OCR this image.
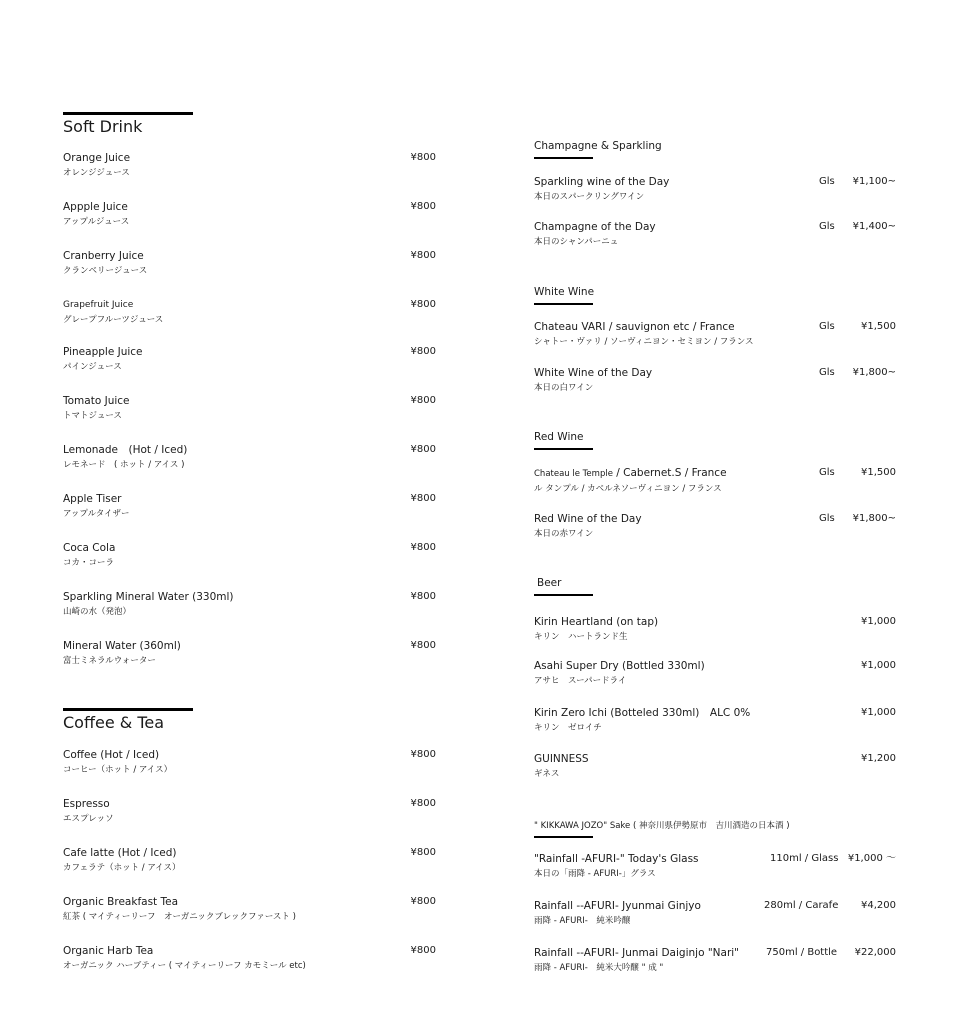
Soft Drink
Orange Juice
オレンジジュース
¥800
Appple Juice
アップルジュース
¥800
Cranberry Juice
クランベリージュース
¥800
Grapefruit Juice
グレープフルーツジュース
¥800
Pineapple Juice
パインジュース
¥800
Tomato Juice
トマトジュース
¥800
Lemonade　(Hot / Iced)
レモネード　( ホット / アイス )
¥800
Apple Tiser
アップルタイザー
¥800
Coca Cola
コカ・コーラ
¥800
Sparkling Mineral Water (330ml)
山崎の水（発泡）
¥800
Mineral Water (360ml)
富士ミネラルウォーター
¥800
Coffee & Tea
Coffee (Hot / Iced)
コーヒー（ホット / アイス）
¥800
Espresso
エスプレッソ
¥800
Cafe latte (Hot / Iced)
カフェラテ（ホット / アイス）
¥800
Organic Breakfast Tea
紅茶 ( マイティーリーフ　オーガニックブレックファースト )
¥800
Organic Harb Tea
オーガニック ハーブティー ( マイティーリーフ カモミール etc)
¥800
Champagne & Sparkling
Sparkling wine of the Day
本日のスパークリングワイン
Gls ¥1,100~
Champagne of the Day
本日のシャンパーニュ
Gls ¥1,400~
White Wine
Chateau VARI / sauvignon etc / France
シャトー・ヴァリ / ソーヴィニヨン・セミヨン / フランス
Gls	¥1,500
White Wine of the Day
本日の白ワイン
Gls ¥1,800~
Red Wine
Chateau le Temple / Cabernet.S / France
ル タンプル / カベルネソーヴィニヨン / フランス
Gls	¥1,500
Red Wine of the Day
本日の赤ワイン
Gls ¥1,800~
Beer
Kirin Heartland (on tap)
キリン　ハートランド生
¥1,000
Asahi Super Dry (Bottled 330ml)
アサヒ　スーパードライ
¥1,000
Kirin Zero Ichi (Botteled 330ml)　ALC 0%
キリン　ゼロイチ
¥1,000
GUINNESS
ギネス
¥1,200
" KIKKAWA JOZO" Sake ( 神奈川県伊勢原市　吉川酒造の日本酒 )
"Rainfall -AFURI-" Today's Glass
本日の「雨降 - AFURI-」グラス
110ml / Glass ¥1,000 〜
Rainfall --AFURI- Jyunmai Ginjyo
雨降 - AFURI-　純米吟醸
280ml / Carafe ¥4,200
Rainfall --AFURI- Junmai Daiginjo "Nari"
雨降 - AFURI-　純米大吟醸 " 成 "
750ml / Bottle ¥22,000
